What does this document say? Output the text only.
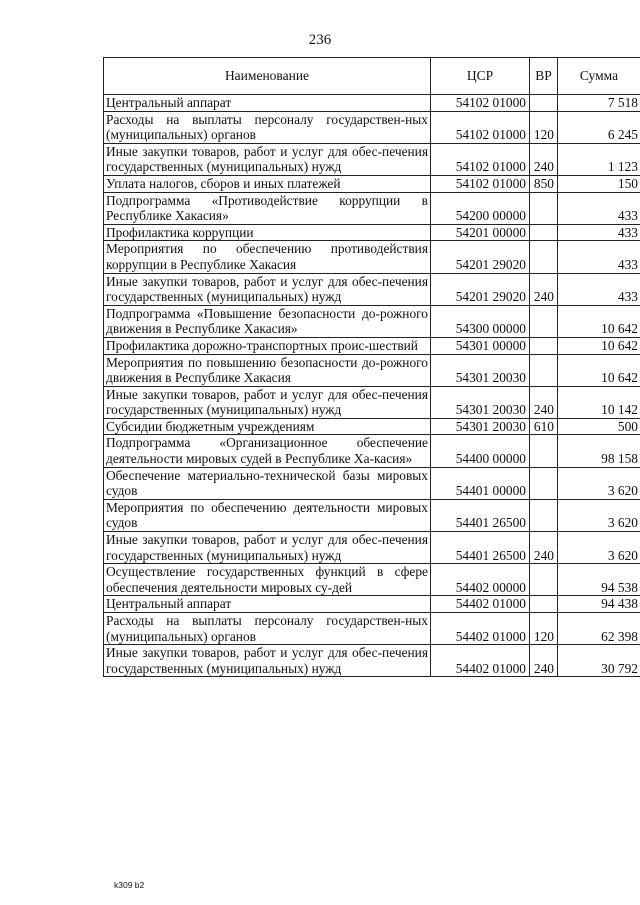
236
Наименование	ЦСР	ВР	Сумма
Центральный аппарат	54102 01000		7 518
Расходы на выплаты персоналу государствен-ных (муниципальных) органов	54102 01000	120	6 245
Иные закупки товаров, работ и услуг для обес-печения государственных (муниципальных) нужд	54102 01000	240	1 123
Уплата налогов, сборов и иных платежей	54102 01000	850	150
Подпрограмма «Противодействие коррупции в Республике Хакасия»	54200 00000		433
Профилактика коррупции	54201 00000		433
Мероприятия по обеспечению противодействия коррупции в Республике Хакасия	54201 29020		433
Иные закупки товаров, работ и услуг для обес-печения государственных (муниципальных) нужд	54201 29020	240	433
Подпрограмма «Повышение безопасности до-рожного движения в Республике Хакасия»	54300 00000		10 642
Профилактика дорожно-транспортных проис-шествий	54301 00000		10 642
Мероприятия по повышению безопасности до-рожного движения в Республике Хакасия	54301 20030		10 642
Иные закупки товаров, работ и услуг для обес-печения государственных (муниципальных) нужд	54301 20030	240	10 142
Субсидии бюджетным учреждениям	54301 20030	610	500
Подпрограмма «Организационное обеспечение деятельности мировых судей в Республике Ха-касия»	54400 00000		98 158
Обеспечение материально-технической базы мировых судов	54401 00000		3 620
Мероприятия по обеспечению деятельности мировых судов	54401 26500		3 620
Иные закупки товаров, работ и услуг для обес-печения государственных (муниципальных) нужд	54401 26500	240	3 620
Осуществление государственных функций в сфере обеспечения деятельности мировых су-дей	54402 00000		94 538
Центральный аппарат	54402 01000		94 438
Расходы на выплаты персоналу государствен-ных (муниципальных) органов	54402 01000	120	62 398
Иные закупки товаров, работ и услуг для обес-печения государственных (муниципальных) нужд	54402 01000	240	30 792
k309 b2
